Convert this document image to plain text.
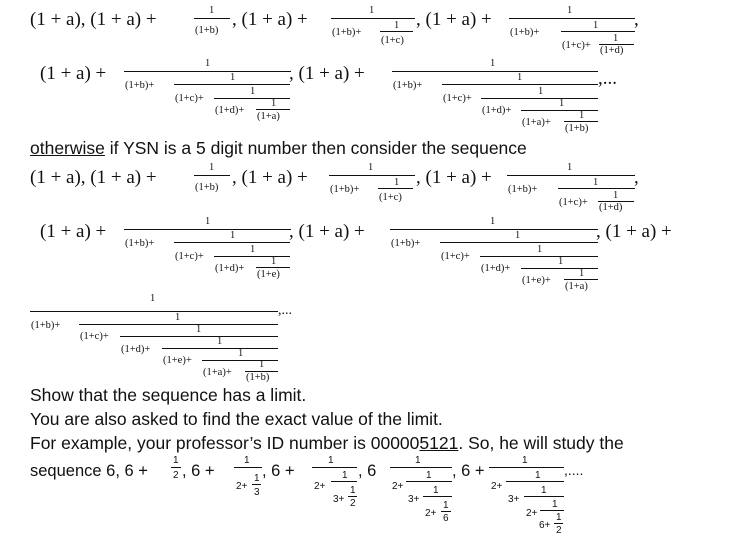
(1 + a), (1 + a) +	1
(1+b)
, (1 + a) +	1
(1+b)+
1
(1+c)
, (1 + a) +	1
(1+b)+
1
(1+c)+
1
(1+d)
,
(1 + a) +	1
(1+b)+
1
(1+c)+
1
(1+d)+
1
(1+a)
, (1 + a) +	1
(1+b)+
1
(1+c)+
1
(1+d)+
1
(1+a)+
1
(1+b)
,...
otherwise if YSN is a 5 digit number then consider the sequence
(1 + a), (1 + a) +	1
(1+b) , (1 + a) +	1
(1+b)+
1
(1+c)
, (1 + a) +	1
(1+b)+
1
(1+c)+
1
(1+d)
,
(1 + a) +	1
(1+b)+
1
(1+c)+
1
(1+d)+
1
(1+e)
, (1 + a) +	1
(1+b)+
1
(1+c)+
1
(1+d)+
1
(1+e)+
1
(1+a)
, (1 + a) +
1
(1+b)+
1
(1+c)+
1
(1+d)+
1
(1+e)+
1
(1+a)+
1
(1+b)
,...
Show that the sequence has a limit.
You are also asked to find the exact value of the limit.
For example, your professor’s ID number is 000005121. So, he will study the
sequence 6, 6 +
1
2 , 6 +
1
2+
1
3
, 6 +
1
2+
1
3+
1
2
, 6
1
2+
1
3+
1
2+
1
6
, 6 +
1
2+
1
3+
1
2+
1
6+
1
2
,....
